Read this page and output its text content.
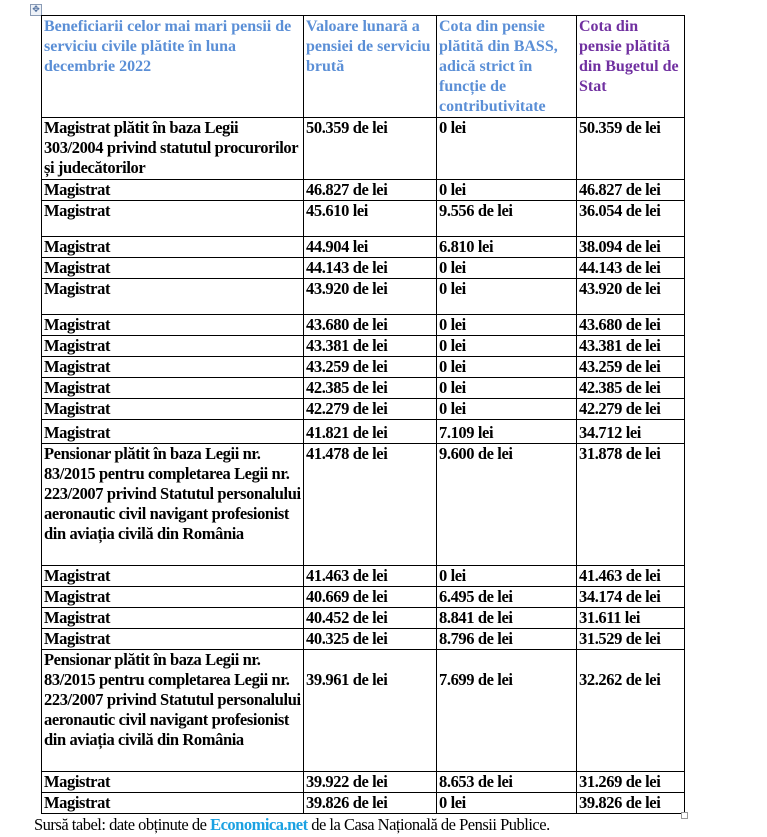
✥
Beneficiarii celor mai mari pensii de serviciu civile plătite în luna decembrie 2022	Valoare lunară a pensiei de serviciu brută	Cota din pensie plătită din BASS, adică strict în funcție de contributivitate	Cota din pensie plătită din Bugetul de Stat
Magistrat plătit în baza Legii 303/2004 privind statutul procurorilor și judecătorilor	50.359 de lei	0 lei	50.359 de lei
Magistrat	46.827 de lei	0 lei	46.827 de lei
Magistrat	45.610 lei	9.556 de lei	36.054 de lei
Magistrat	44.904 lei	6.810 lei	38.094 de lei
Magistrat	44.143 de lei	0 lei	44.143 de lei
Magistrat	43.920 de lei	0 lei	43.920 de lei
Magistrat	43.680 de lei	0 lei	43.680 de lei
Magistrat	43.381 de lei	0 lei	43.381 de lei
Magistrat	43.259 de lei	0 lei	43.259 de lei
Magistrat	42.385 de lei	0 lei	42.385 de lei
Magistrat	42.279 de lei	0 lei	42.279 de lei
Magistrat	41.821 de lei	7.109 lei	34.712 lei
Pensionar plătit în baza Legii nr. 83/2015 pentru completarea Legii nr. 223/2007 privind Statutul personalului aeronautic civil navigant profesionist din aviația civilă din România	41.478 de lei	9.600 de lei	31.878 de lei
Magistrat	41.463 de lei	0 lei	41.463 de lei
Magistrat	40.669 de lei	6.495 de lei	34.174 de lei
Magistrat	40.452 de lei	8.841 de lei	31.611 lei
Magistrat	40.325 de lei	8.796 de lei	31.529 de lei
Pensionar plătit în baza Legii nr. 83/2015 pentru completarea Legii nr. 223/2007 privind Statutul personalului aeronautic civil navigant profesionist din aviația civilă din România	39.961 de lei	7.699 de lei	32.262 de lei
Magistrat	39.922 de lei	8.653 de lei	31.269 de lei
Magistrat	39.826 de lei	0 lei	39.826 de lei
Sursă tabel: date obținute de Economica.net de la Casa Națională de Pensii Publice.
